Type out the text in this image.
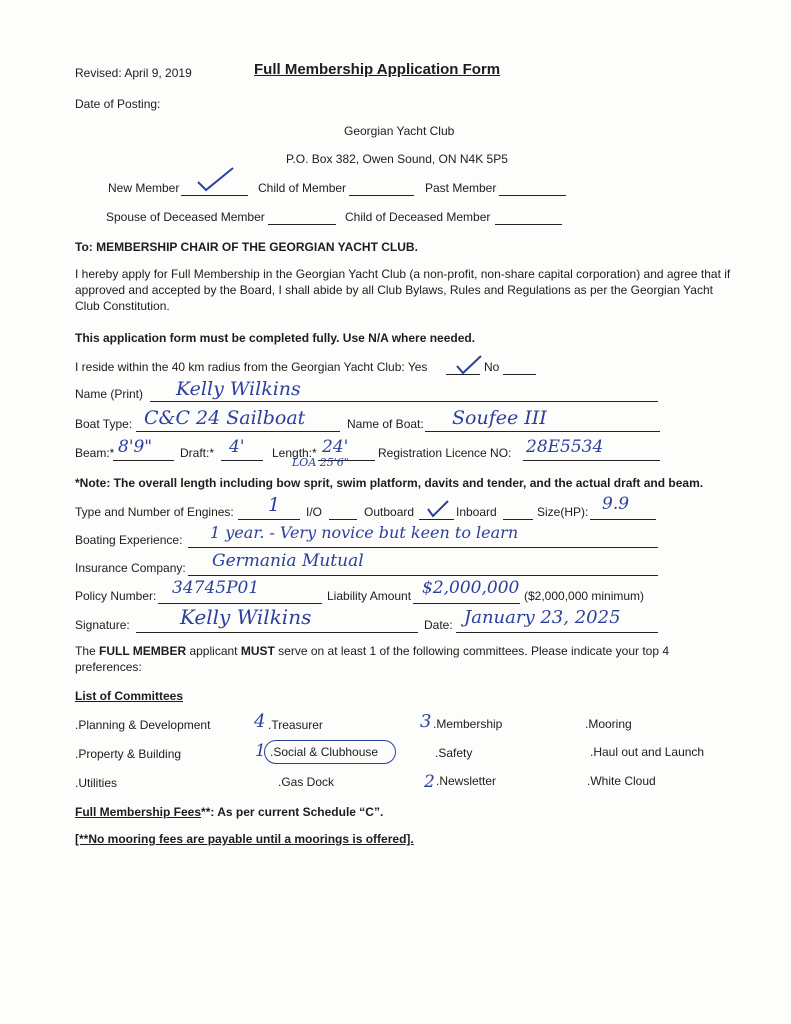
Revised: April 9, 2019	Full Membership Application Form
Date of Posting:
Georgian Yacht Club
P.O. Box 382, Owen Sound, ON N4K 5P5
New Member	Child of Member	Past Member
Spouse of Deceased Member	Child of Deceased Member
To: MEMBERSHIP CHAIR OF THE GEORGIAN YACHT CLUB.
I hereby apply for Full Membership in the Georgian Yacht Club (a non-profit, non-share capital corporation) and agree that if approved and accepted by the Board, I shall abide by all Club Bylaws, Rules and Regulations as per the Georgian Yacht Club Constitution.
This application form must be completed fully. Use N/A where needed.
I reside within the 40 km radius from the Georgian Yacht Club: Yes	No
Name (Print) Kelly Wilkins
Boat Type: C&C 24 Sailboat	Name of Boat: Soufee III
Beam:* 8'9" Draft:* 4' Length:* 24'
LOA 25'6"
Registration Licence NO: 28E5534
*Note: The overall length including bow sprit, swim platform, davits and tender, and the actual draft and beam.
Type and Number of Engines: 1 I/O	Outboard	Inboard	Size(HP): 9.9
Boating Experience: 1 year. - Very novice but keen to learn
Insurance Company: Germania Mutual
Policy Number: 34745P01	Liability Amount $2,000,000 ($2,000,000 minimum)
Signature:	Kelly Wilkins	Date: January 23, 2025
The FULL MEMBER applicant MUST serve on at least 1 of the following committees. Please indicate your top 4
preferences:
List of Committees
.Planning & Development 4 .Treasurer	3 .Membership	.Mooring
.Property & Building	1 .Social & Clubhouse	.Safety	.Haul out and Launch
.Utilities	.Gas Dock	2 .Newsletter	.White Cloud
Full Membership Fees**: As per current Schedule “C”.
[**No mooring fees are payable until a moorings is offered].
